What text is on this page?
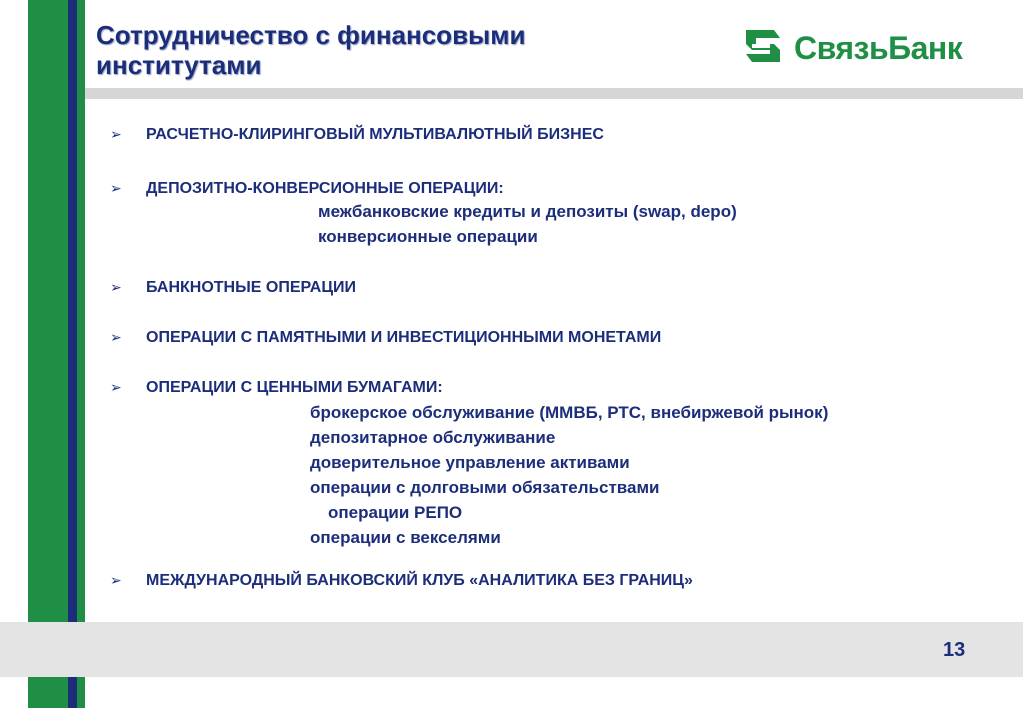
Сотрудничество с финансовыми институтами	СвязьБанк
➢ РАСЧЕТНО-КЛИРИНГОВЫЙ МУЛЬТИВАЛЮТНЫЙ БИЗНЕС
➢ ДЕПОЗИТНО-КОНВЕРСИОННЫЕ ОПЕРАЦИИ:
межбанковские кредиты и депозиты (swap, depo)
конверсионные операции
➢ БАНКНОТНЫЕ ОПЕРАЦИИ
➢ ОПЕРАЦИИ С ПАМЯТНЫМИ И ИНВЕСТИЦИОННЫМИ МОНЕТАМИ
➢ ОПЕРАЦИИ С ЦЕННЫМИ БУМАГАМИ:
брокерское обслуживание (ММВБ, РТС, внебиржевой рынок)
депозитарное обслуживание
доверительное управление активами
операции с долговыми обязательствами
операции РЕПО
операции с векселями
➢ МЕЖДУНАРОДНЫЙ БАНКОВСКИЙ КЛУБ «АНАЛИТИКА БЕЗ ГРАНИЦ»
13
